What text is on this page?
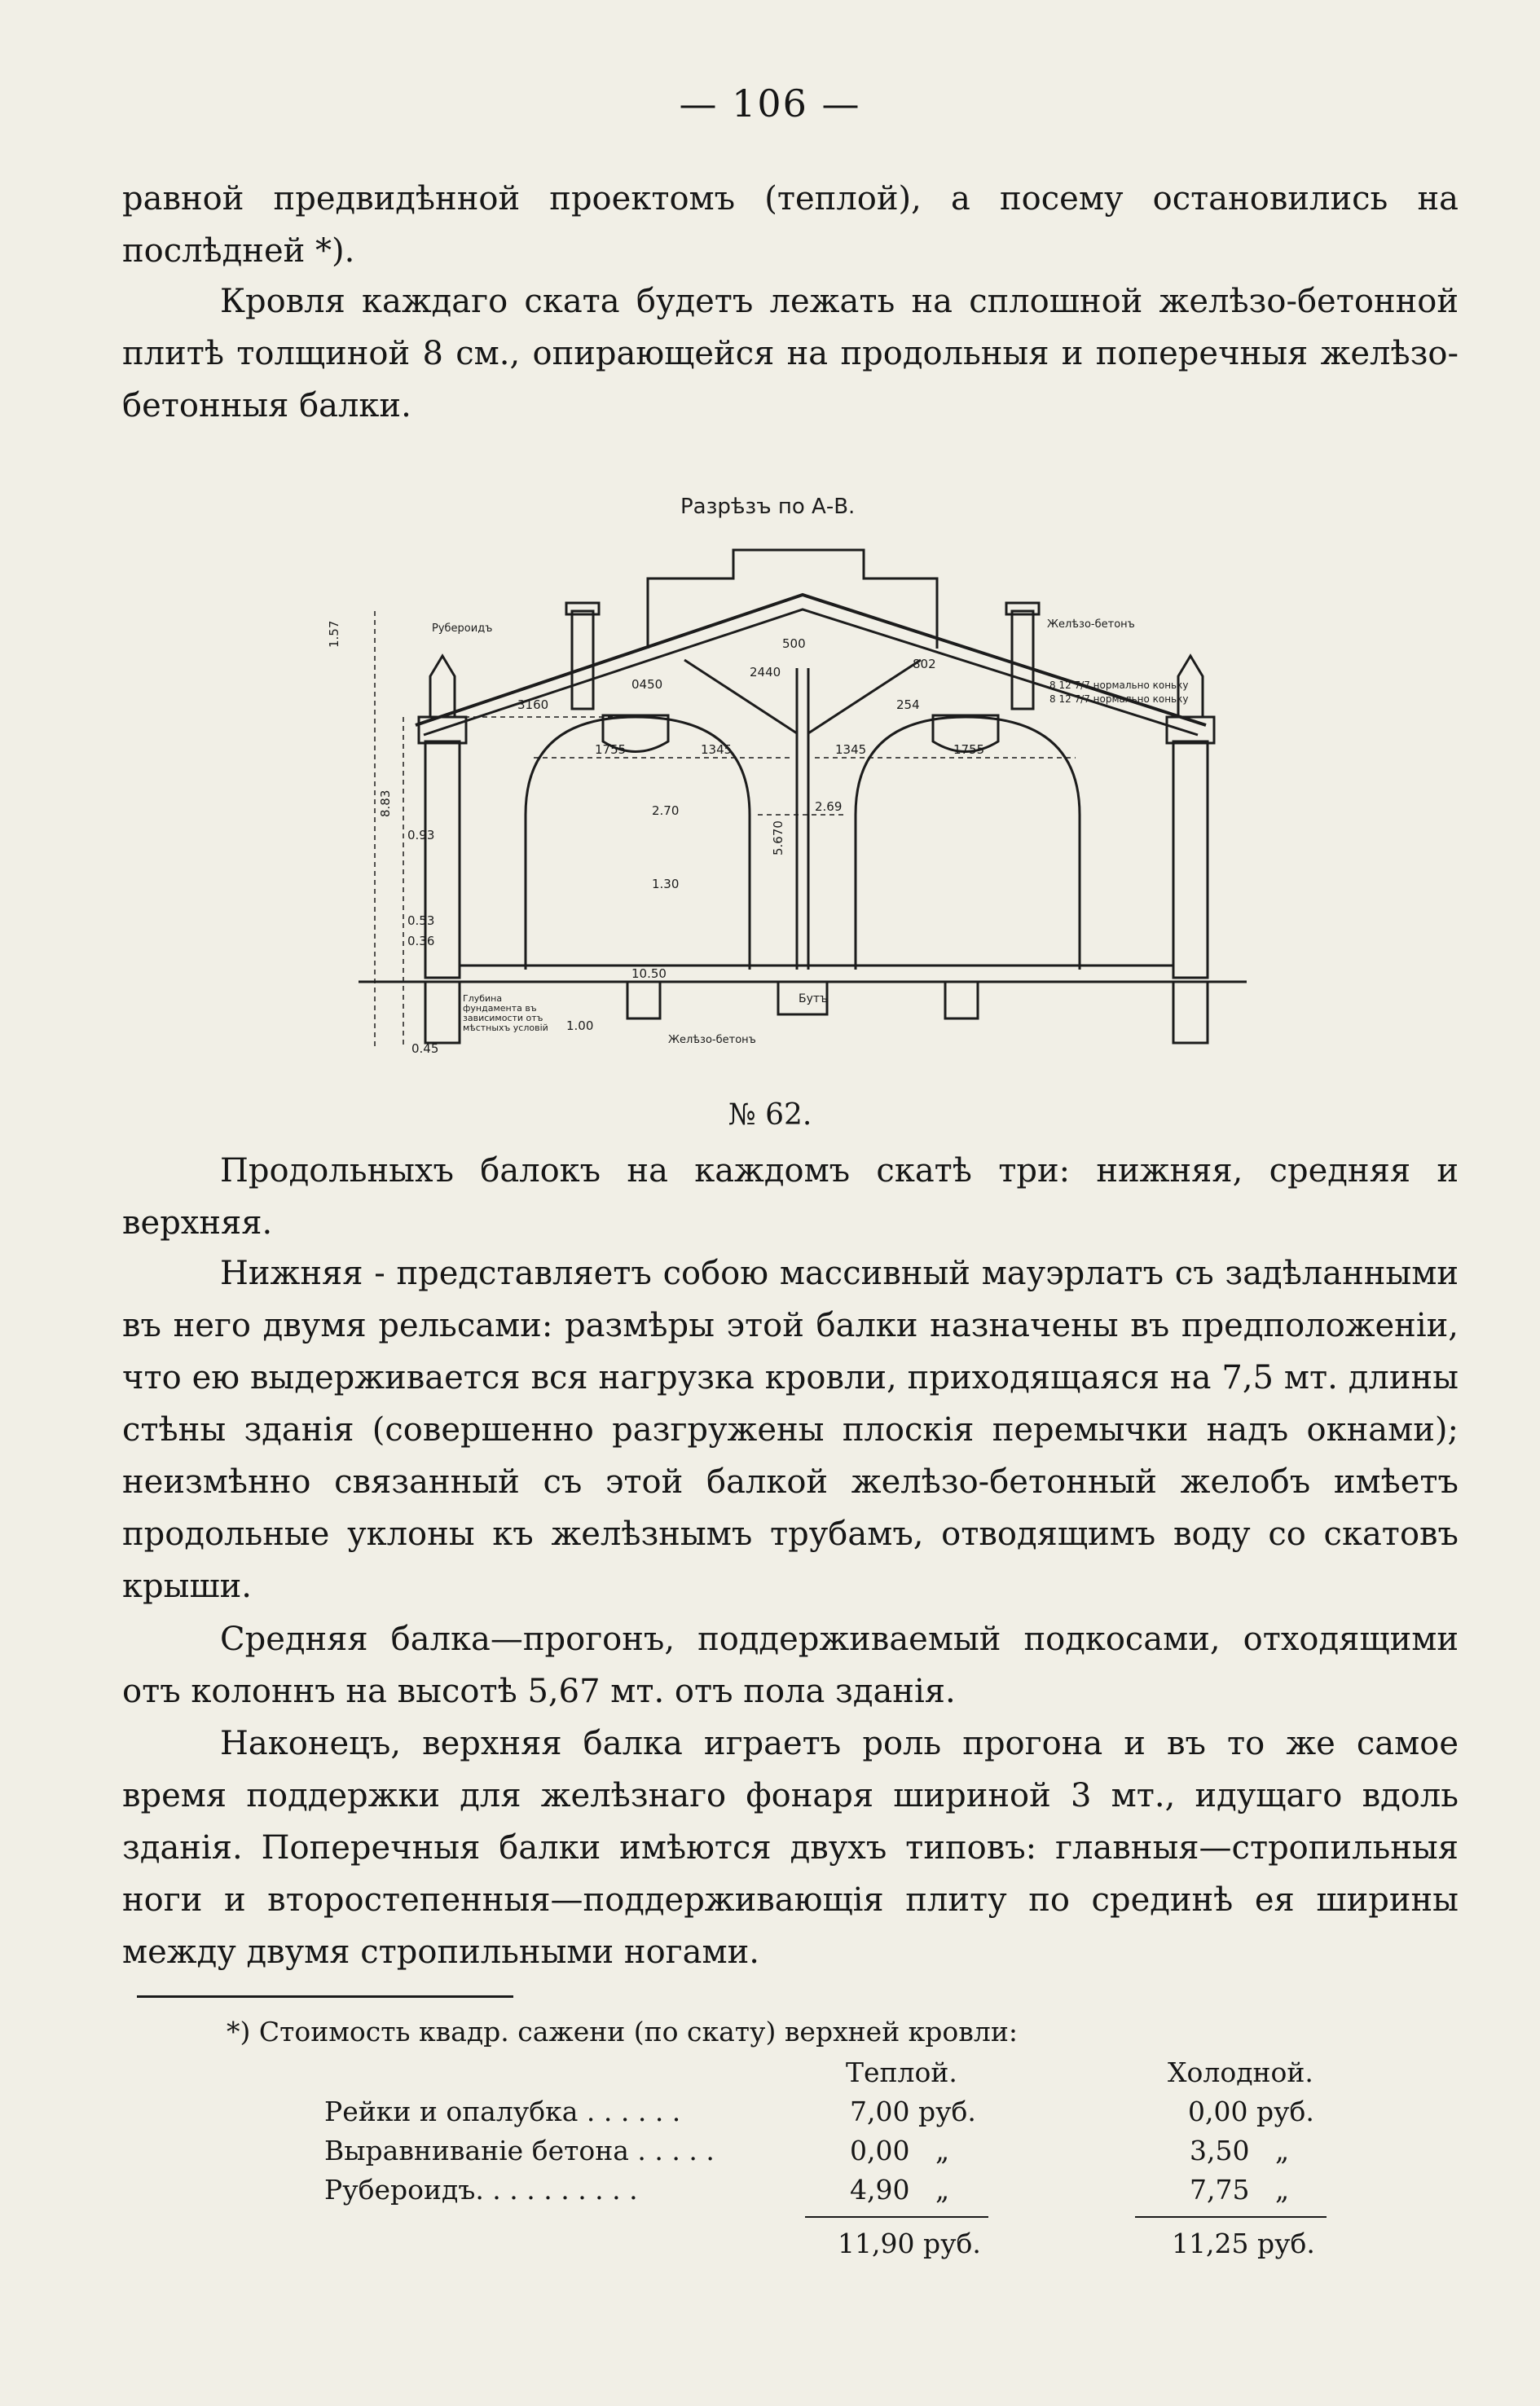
— 106 —

равной предвидѣнной проектомъ (теплой), а посему остановились на послѣдней *).

Кровля каждаго ската будетъ лежать на сплошной желѣзо-бетонной плитѣ толщиной 8 см., опирающейся на продольныя и поперечныя желѣзо-бетонныя балки.

Разрѣзъ по А-В.
Рубероидъ	Желѣзо-бетонъ
8 12 7/7 нормально коньку
8 12 7/7 нормально коньку
3160
0450
2440
802
1755	1345	1345	1755
5.670
2.70
1.30
2.69
1.00
0.45
10.50
1.57
8.83
0.93
0.53
0.36
500
254
Бутъ
Желѣзо-бетонъ
Глубина фундамента въ зависимости отъ мѣстныхъ условій
№ 62.

Продольныхъ балокъ на каждомъ скатѣ три: нижняя, средняя и верхняя.

Нижняя - представляетъ собою массивный мауэрлатъ съ задѣланными въ него двумя рельсами: размѣры этой балки назначены въ предположенiи, что ею выдерживается вся нагрузка кровли, приходящаяся на 7,5 мт. длины стѣны зданія (совершенно разгружены плоскія перемычки надъ окнами); неизмѣнно связанный съ этой балкой желѣзо-бетонный желобъ имѣетъ продольные уклоны къ желѣзнымъ трубамъ, отводящимъ воду со скатовъ крыши.

Средняя балка—прогонъ, поддерживаемый подкосами, отходящими отъ колоннъ на высотѣ 5,67 мт. отъ пола зданія.

Наконецъ, верхняя балка играетъ роль прогона и въ то же самое время поддержки для желѣзнаго фонаря шириной 3 мт., идущаго вдоль зданія. Поперечныя балки имѣются двухъ типовъ: главныя—стропильныя ноги и второстепенныя—поддерживающія плиту по срединѣ ея ширины между двумя стропильными ногами.

*) Стоимость квадр. сажени (по скату) верхней кровли:
Теплой.	Холодной.
Рейки и опалубка . . . . . .	7,00 руб.	0,00 руб.
Выравниваніе бетона . . . . .	0,00   „	3,50   „
Рубероидъ. . . . . . . . . .	4,90   „	7,75   „
11,90 руб.	11,25 руб.
